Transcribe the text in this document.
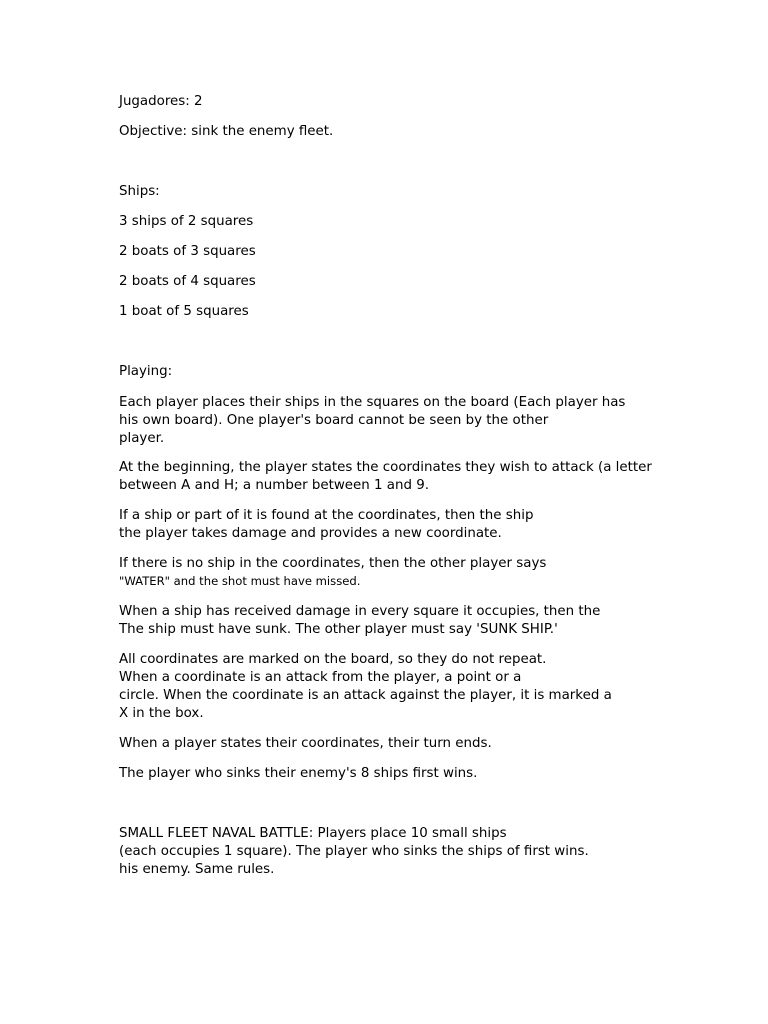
Jugadores: 2

Objective: sink the enemy fleet.

Ships:

3 ships of 2 squares

2 boats of 3 squares

2 boats of 4 squares

1 boat of 5 squares

Playing:

Each player places their ships in the squares on the board (Each player has
his own board). One player's board cannot be seen by the other
player.
At the beginning, the player states the coordinates they wish to attack (a letter
between A and H; a number between 1 and 9.
If a ship or part of it is found at the coordinates, then the ship
the player takes damage and provides a new coordinate.
If there is no ship in the coordinates, then the other player says
"WATER" and the shot must have missed.
When a ship has received damage in every square it occupies, then the
The ship must have sunk. The other player must say 'SUNK SHIP.'
All coordinates are marked on the board, so they do not repeat.
When a coordinate is an attack from the player, a point or a
circle. When the coordinate is an attack against the player, it is marked a
X in the box.

When a player states their coordinates, their turn ends.

The player who sinks their enemy's 8 ships first wins.

SMALL FLEET NAVAL BATTLE: Players place 10 small ships
(each occupies 1 square). The player who sinks the ships of first wins.
his enemy. Same rules.
